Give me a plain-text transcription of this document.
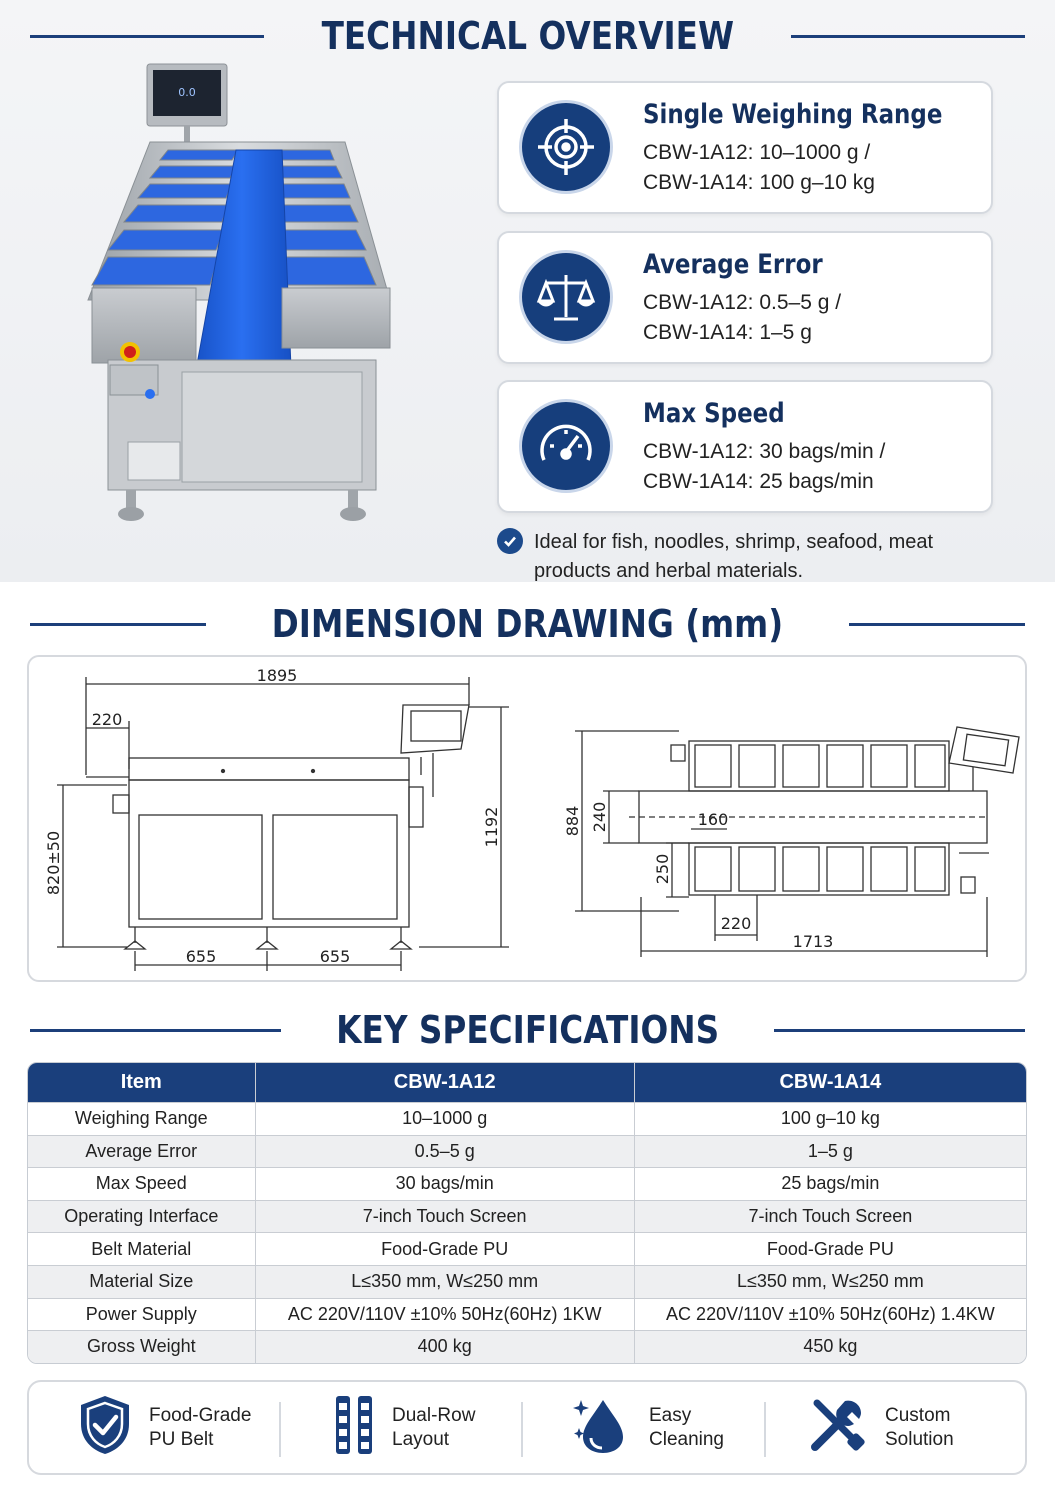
TECHNICAL OVERVIEW
0.0
Single Weighing Range
CBW-1A12: 10–1000 g /
CBW-1A14: 100 g–10 kg
Average Error
CBW-1A12: 0.5–5 g /
CBW-1A14: 1–5 g
Max Speed
CBW-1A12: 30 bags/min /
CBW-1A14: 25 bags/min
Ideal for fish, noodles, shrimp, seafood, meat
products and herbal materials.
DIMENSION DRAWING (mm)
1895
220
820±50
1192
655	655
884 240
250
160
220
1713
KEY SPECIFICATIONS
Item	CBW-1A12	CBW-1A14
Weighing Range	10–1000 g	100 g–10 kg
Average Error	0.5–5 g	1–5 g
Max Speed	30 bags/min	25 bags/min
Operating Interface	7-inch Touch Screen	7-inch Touch Screen
Belt Material	Food-Grade PU	Food-Grade PU
Material Size	L≤350 mm, W≤250 mm	L≤350 mm, W≤250 mm
Power Supply	AC 220V/110V ±10% 50Hz(60Hz) 1KW	AC 220V/110V ±10% 50Hz(60Hz) 1.4KW
Gross Weight	400 kg	450 kg
Food-Grade
PU Belt
Dual-Row
Layout
Easy
Cleaning
Custom
Solution
